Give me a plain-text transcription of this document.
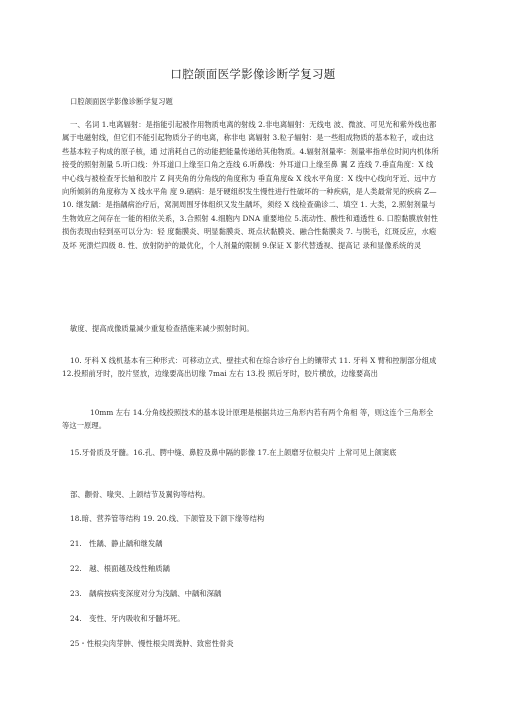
口腔颌面医学影像诊断学复习题

口腔颌面医学影像诊断学复习题

一、名词 1.电离辐射：是指能引起被作用物质电离的射线 2.非电离辐射：无线电 波、微波、可见光和紫外线也都属于电磁射线，但它们不能引起物质分子的电离，称非电 离辐射 3.粒子辐射：是一些组成物质的基本粒子，或由这些基本粒子构成的原子核，通 过消耗自己的动能把能量传递给其他物质。4.辐射剂量率：剂量率指单位时间内机体所 接受的照射剂量 5.听口线：外耳道口上缘至口角之连线 6.听鼻线：外耳道口上缘至鼻 翼 Z 连线 7.垂直角度：X 线中心线与被检查牙长轴和胶片 Z 间夹角的分角线的角度称为 垂直角度& X 线水平角度：X 线中心线向牙近、远中方向所倾斜的角度称为 X 线水平角 度 9.硒病：是牙硬组织发生慢性进行性破坏的一种疾病，是人类最常见的疾病 Z— 10. 继发龋：是指龋病治疗后，窝洞周围牙体组织又发生龋坏，须经 X 线检查确诊二、填空 1. 大类，2.照射剂量与生物效应之间存在一能的相依关系，3.合照射 4.细胞内 DNA 重要地位 5.流动性、酸性和通透性 6. 口腔黏膜放射性损伤表现由轻到巫可以分为：轻 度黏膜炎、明显黏膜炎、斑点状黏膜炎、融合性黏膜炎 7. 与脱毛，红斑反应，水疱及坏 死溃烂四级 8. 性、放射防护的最优化，个人剂量的限制 9.保证 X 影代替透视、提高记 录和显像系统的灵

敏度、提高成像质量减少重复检查措施来减少照射时间。

10. 牙科 X 线机基本有三种形式：可移动立式、壁挂式和在综合诊疗台上的镶带式 11. 牙科 X 臂和控制部分组成 12.投照前牙时，胶片竖放，边缘要高出切缘 7mai 左右 13.投 照后牙时，胶片横放，边缘要高出

10mm 左右 14.分角线投照技术的基本设计原理是根据共边三角形内若有两个角相 等，则这连个三角形全等这一原理。

15.牙骨质及牙髓。16.孔、腭中缝、鼻腔及鼻中隔的影像 17.在上颌磨牙位根尖片 上常可见上颌窦底

部、颧骨、喙突、上颌结节及翼钩等结构。

18.暗、营养管等结构 19. 20.线、下颌管及下颌下缘等结构

21.　性龋、静止龋和继发龋

22.　越、根面越及线性釉质龋

23.　龋病按病变深度对分为浅龋、中龋和深龋

24.　变性、牙内吸收和牙髓坏死。

25・性根尖肉芽肿、慢性根尖周粪肿、致密性骨炎
